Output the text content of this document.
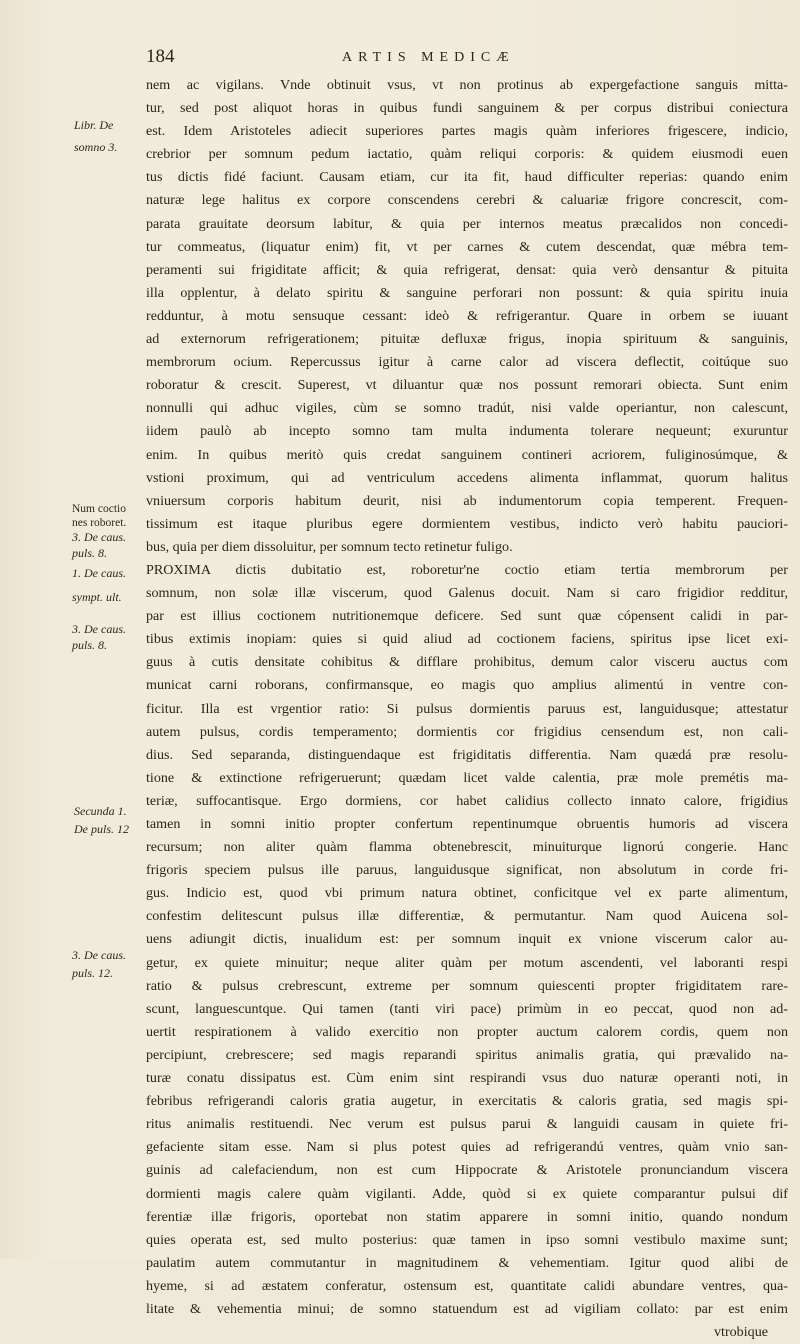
184	ARTIS MEDICÆ
Libr. De
somno 3.
Num coctio
nes roboret.
3. De caus.
puls. 8.
1. De caus.
sympt. ult.
3. De caus.
puls. 8.
Secunda 1.
De puls. 12
3. De caus.
puls. 12.
nem ac vigilans. Vnde obtinuit vsus, vt non protinus ab expergefactione sanguis mitta-
tur, sed post aliquot horas in quibus fundi sanguinem & per corpus distribui coniectura
est. Idem Aristoteles adiecit superiores partes magis quàm inferiores frigescere, indicio,
crebrior per somnum pedum iactatio, quàm reliqui corporis: & quidem eiusmodi euen
tus dictis fidé faciunt. Causam etiam, cur ita fit, haud difficulter reperias: quando enim
naturæ lege halitus ex corpore conscendens cerebri & caluariæ frigore concrescit, com-
parata grauitate deorsum labitur, & quia per internos meatus præcalidos non concedi-
tur commeatus, (liquatur enim) fit, vt per carnes & cutem descendat, quæ mébra tem-
peramenti sui frigiditate afficit; & quia refrigerat, densat: quia verò densantur & pituita
illa opplentur, à delato spiritu & sanguine perforari non possunt: & quia spiritu inuia
redduntur, à motu sensuque cessant: ideò & refrigerantur. Quare in orbem se iuuant
ad externorum refrigerationem; pituitæ defluxæ frigus, inopia spirituum & sanguinis,
membrorum ocium. Repercussus igitur à carne calor ad viscera deflectit, coitúque suo
roboratur & crescit. Superest, vt diluantur quæ nos possunt remorari obiecta. Sunt enim
nonnulli qui adhuc vigiles, cùm se somno tradút, nisi valde operiantur, non calescunt,
iidem paulò ab incepto somno tam multa indumenta tolerare nequeunt; exuruntur
enim. In quibus meritò quis credat sanguinem contineri acriorem, fuliginosúmque, &
vstioni proximum, qui ad ventriculum accedens alimenta inflammat, quorum halitus
vniuersum corporis habitum deurit, nisi ab indumentorum copia temperent. Frequen-
tissimum est itaque pluribus egere dormientem vestibus, indicto verò habitu paucіori-
bus, quia per diem dissoluitur, per somnum tecto retinetur fuligo.
PROXIMA dictis dubitatio est, roboretur'ne coctio etiam tertia membrorum per
somnum, non solæ illæ viscerum, quod Galenus docuit. Nam si caro frigidior redditur,
par est illius coctionem nutritionemque deficere. Sed sunt quæ cópensent calidi in par-
tibus extimis inopiam: quies si quid aliud ad coctionem faciens, spiritus ipse licet exi-
guus à cutis densitate cohibitus & difflare prohibitus, demum calor visceru auctus com
municat carni roborans, confirmansque, eo magis quo amplius alimentú in ventre con-
ficitur. Illa est vrgentior ratio: Si pulsus dormientis paruus est, languidusque; attestatur
autem pulsus, cordis temperamento; dormientis cor frigidius censendum est, non cali-
dius. Sed separanda, distinguendaque est frigiditatis differentia. Nam quædá præ resolu-
tione & extinctione refrigeruerunt; quædam licet valde calentia, præ mole premétis ma-
teriæ, suffocantisque. Ergo dormiens, cor habet calidius collecto innato calore, frigidius
tamen in somni initio propter confertum repentinumque obruentis humoris ad viscera
recursum; non aliter quàm flamma obtenebrescit, minuiturque lignorú congerie. Hanc
frigoris speciem pulsus ille paruus, languidusque significat, non absolutum in corde fri-
gus. Indicio est, quod vbi primum natura obtinet, conficitque vel ex parte alimentum,
confestim delitescunt pulsus illæ differentiæ, & permutantur. Nam quod Auicena sol-
uens adiungit dictis, inualidum est: per somnum inquit ex vnione viscerum calor au-
getur, ex quiete minuitur; neque aliter quàm per motum ascendenti, vel laboranti respi
ratio & pulsus crebrescunt, extreme per somnum quiescenti propter frigiditatem rare-
scunt, languescuntque. Qui tamen (tanti viri pace) primùm in eo peccat, quod non ad-
uertit respirationem à valido exercitio non propter auctum calorem cordis, quem non
percipiunt, crebrescere; sed magis reparandi spiritus animalis gratia, qui prævalido na-
turæ conatu dissipatus est. Cùm enim sint respirandi vsus duo naturæ operanti noti, in
febribus refrigerandi caloris gratia augetur, in exercitatis & caloris gratia, sed magis spi-
ritus animalis restituendi. Nec verum est pulsus parui & languidi causam in quiete fri-
gefaciente sitam esse. Nam si plus potest quies ad refrigerandú ventres, quàm vnio san-
guinis ad calefaciendum, non est cum Hippocrate & Aristotele pronunciandum viscera
dormienti magis calere quàm vigilanti. Adde, quòd si ex quiete comparantur pulsui dif
ferentiæ illæ frigoris, oportebat non statim apparere in somni initio, quando nondum
quies operata est, sed multo posterius: quæ tamen in ipso somni vestibulo maxime sunt;
paulatim autem commutantur in magnitudinem & vehementiam. Igitur quod alibi de
hyeme, si ad æstatem conferatur, ostensum est, quantitate calidi abundare ventres, qua-
litate & vehementia minui; de somno statuendum est ad vigiliam collato: par est enim
vtrobique
